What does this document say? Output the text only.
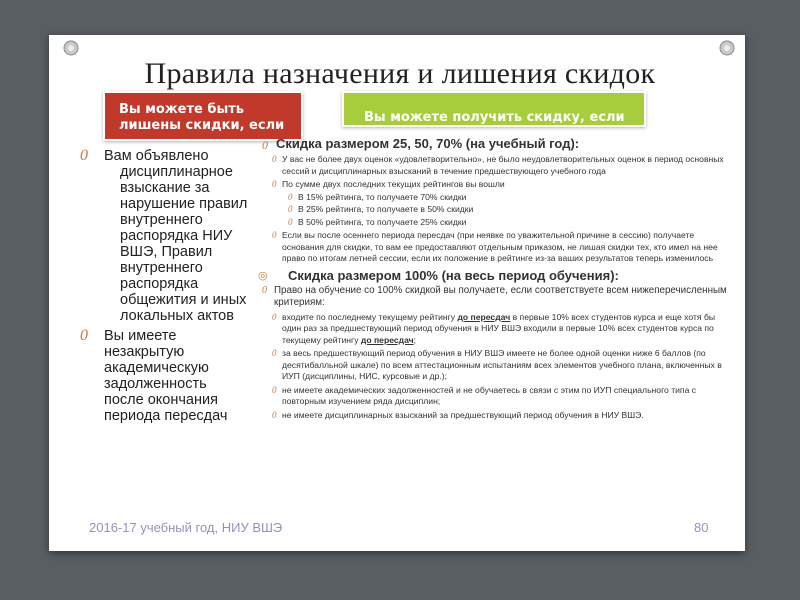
Правила назначения и лишения скидок
Вы можете быть лишены скидки, если
Вы можете получить скидку, если
0 Вам объявлено
дисциплинарное взыскание за нарушение правил
внутреннего распорядка НИУ ВШЭ, Правил
внутреннего распорядка общежития и иных локальных актов
0 Вы имеете незакрытую академическую задолженность после окончания периода пересдач
0 Скидка размером 25, 50, 70% (на учебный год):
0 У вас не более двух оценок «удовлетворительно», не было неудовлетворительных оценок в период основных сессий и дисциплинарных взысканий в течение предшествующего учебного года
0 По сумме двух последних текущих рейтингов вы вошли
0 В 15% рейтинга, то получаете 70% скидки
0 В 25% рейтинга, то получаете в 50% скидки
0 В 50% рейтинга, то получаете 25% скидки
0 Если вы после осеннего периода пересдач (при неявке по уважительной причине в сессию) получаете основания для скидки, то вам ее предоставляют отдельным приказом, не лишая скидки тех, кто имел на нее право по итогам летней сессии, если их положение в рейтинге из-за ваших результатов теперь изменилось
◎ Скидка размером 100% (на весь период обучения):
0 Право на обучение со 100% скидкой вы получаете, если соответствуете всем нижеперечисленным критериям:
0 входите по последнему текущему рейтингу до пересдач в первые 10% всех студентов курса и еще хотя бы один раз за предшествующий период обучения в НИУ ВШЭ входили в первые 10% всех студентов курса по текущему рейтингу до пересдач;
0 за весь предшествующий период обучения в НИУ ВШЭ имеете не более одной оценки ниже 6 баллов (по десятибалльной шкале) по всем аттестационным испытаниям всех элементов учебного плана, включенных в ИУП (дисциплины, НИС, курсовые и др.);
0 не имеете академических задолженностей и не обучаетесь в связи с этим по ИУП специального типа с повторным изучением ряда дисциплин;
0 не имеете дисциплинарных взысканий за предшествующий период обучения в НИУ ВШЭ.
2016-17 учебный год, НИУ ВШЭ	80
